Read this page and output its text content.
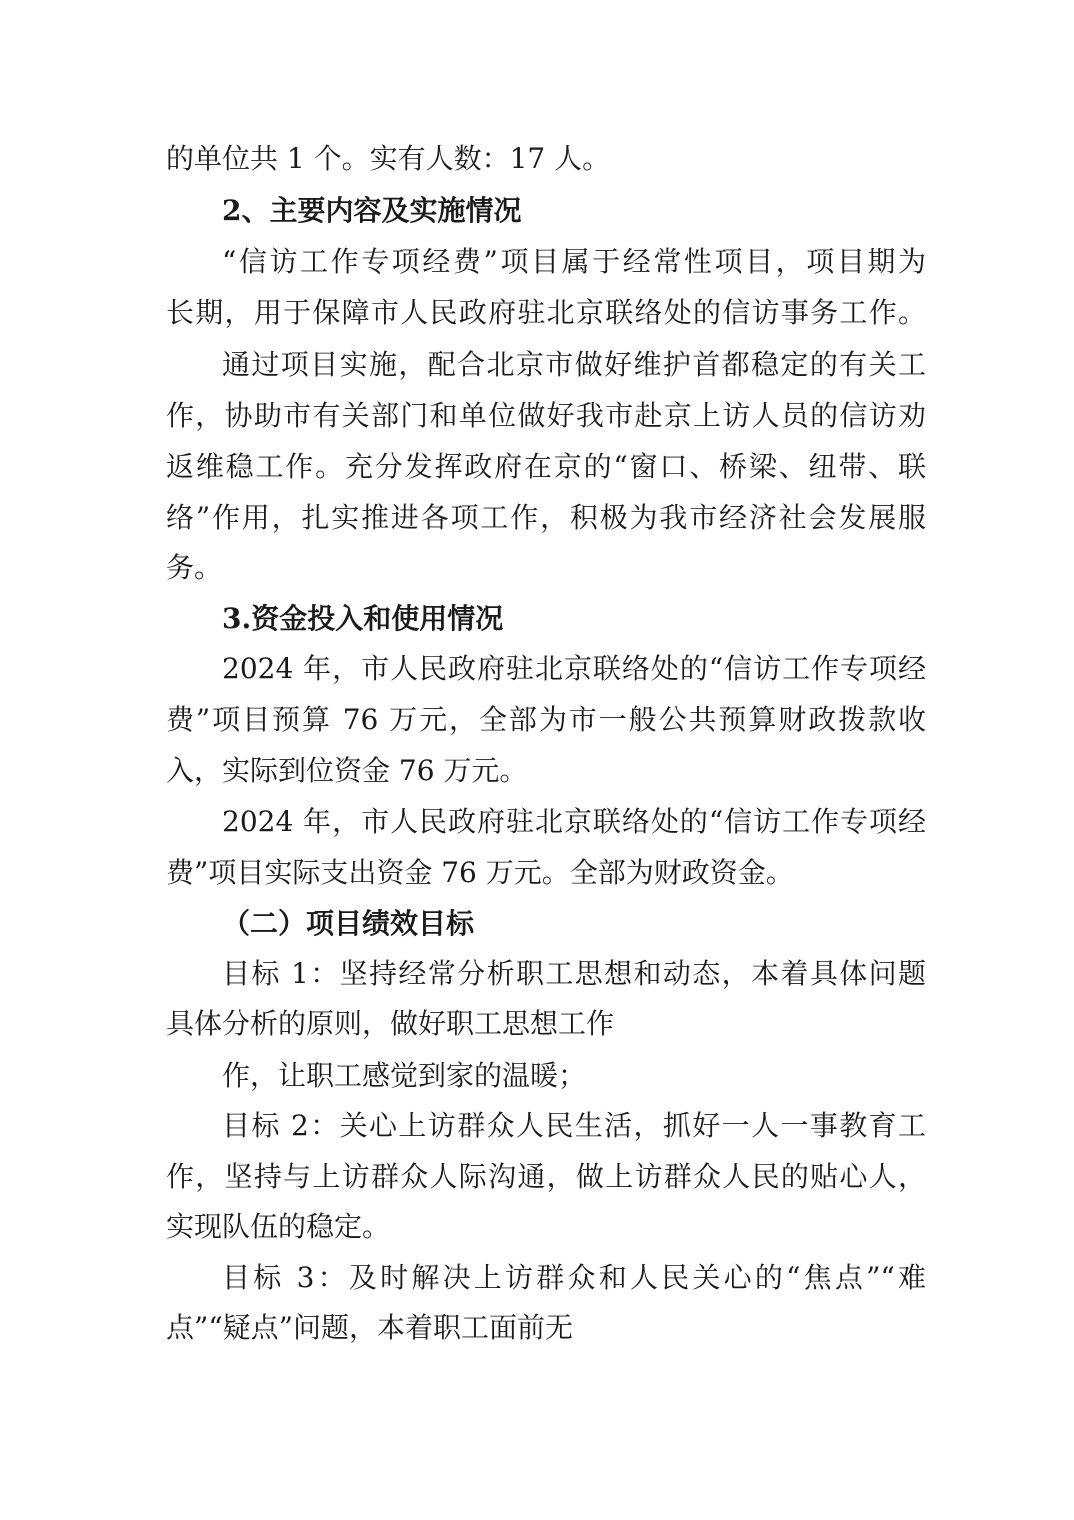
的单位共 1 个。实有人数：17 人。
2、主要内容及实施情况
“信访工作专项经费”项目属于经常性项目，项目期为
长期，用于保障市人民政府驻北京联络处的信访事务工作。
通过项目实施，配合北京市做好维护首都稳定的有关工
作，协助市有关部门和单位做好我市赴京上访人员的信访劝
返维稳工作。充分发挥政府在京的“窗口、桥梁、纽带、联
络”作用，扎实推进各项工作，积极为我市经济社会发展服
务。
3.资金投入和使用情况
2024 年，市人民政府驻北京联络处的“信访工作专项经
费”项目预算 76 万元，全部为市一般公共预算财政拨款收
入，实际到位资金 76 万元。
2024 年，市人民政府驻北京联络处的“信访工作专项经
费”项目实际支出资金 76 万元。全部为财政资金。
（二）项目绩效目标
目标 1：坚持经常分析职工思想和动态，本着具体问题
具体分析的原则，做好职工思想工作
作，让职工感觉到家的温暖；
目标 2：关心上访群众人民生活，抓好一人一事教育工
作，坚持与上访群众人际沟通，做上访群众人民的贴心人，
实现队伍的稳定。
目标 3：及时解决上访群众和人民关心的“焦点”“难
点”“疑点”问题，本着职工面前无
